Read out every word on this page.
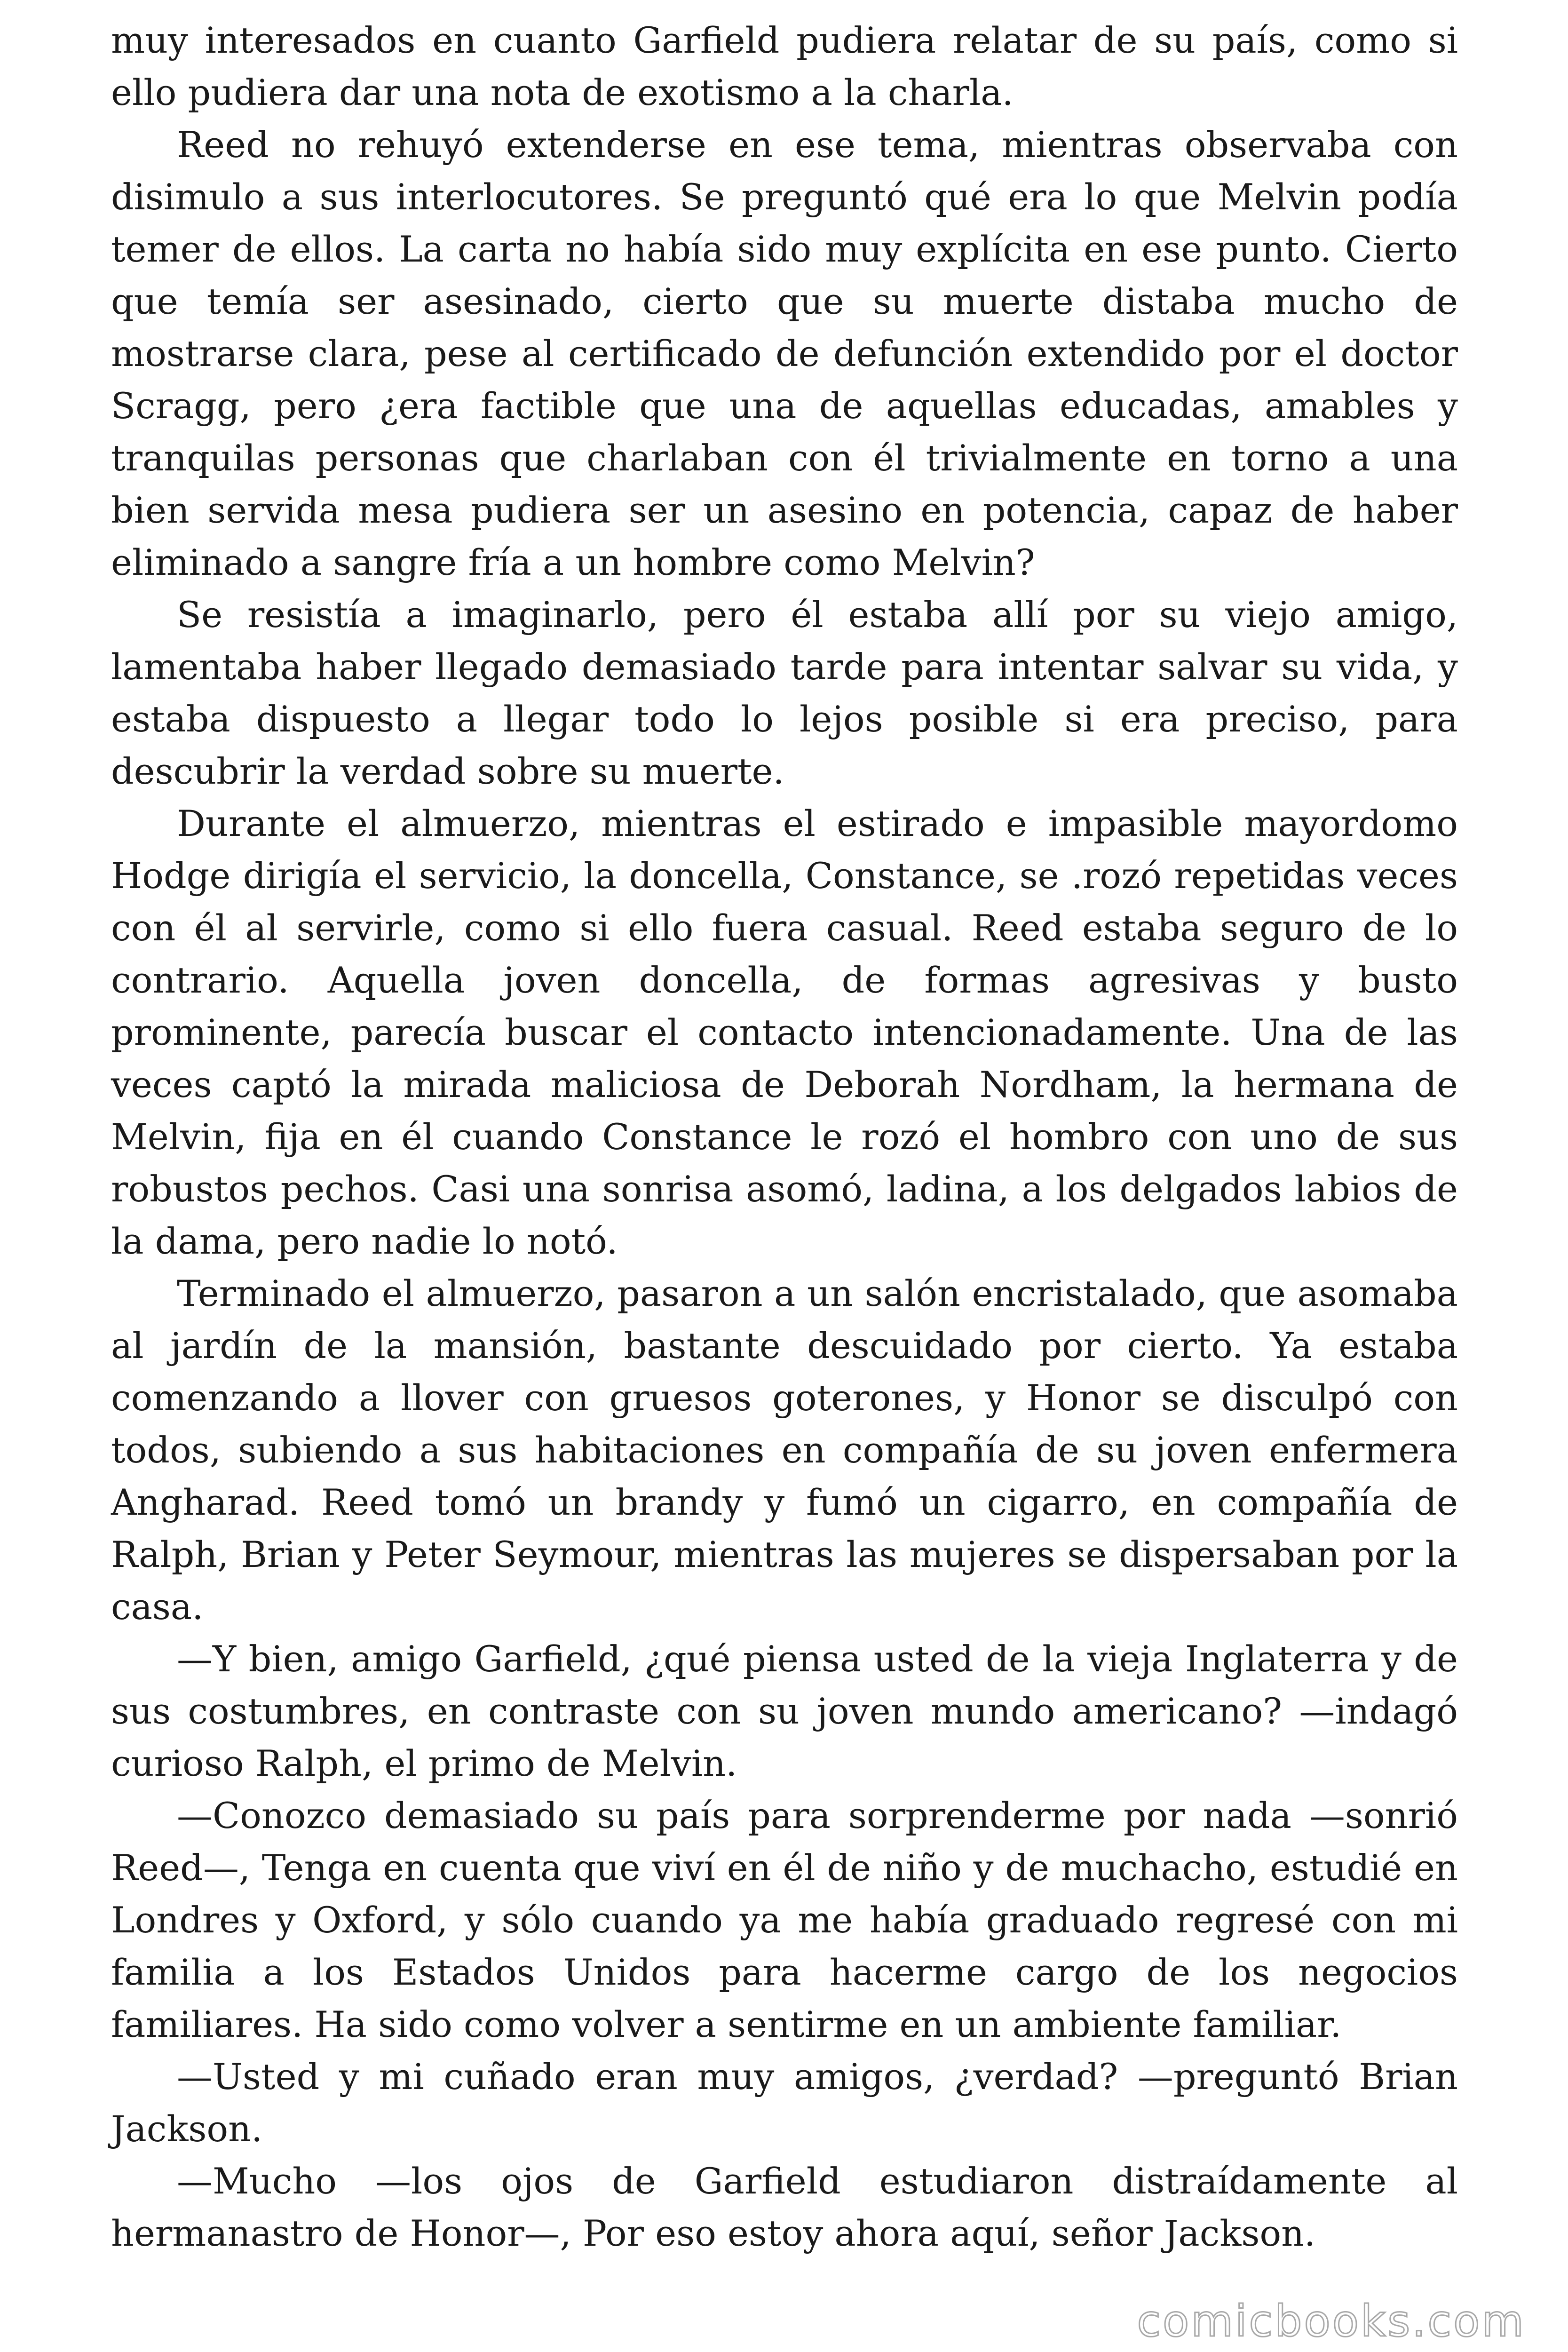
muy interesados en cuanto Garfield pudiera relatar de su país, como si ello pudiera dar una nota de exotismo a la charla.

Reed no rehuyó extenderse en ese tema, mientras observaba con disimulo a sus interlocutores. Se preguntó qué era lo que Melvin podía temer de ellos. La carta no había sido muy explícita en ese punto. Cierto que temía ser asesinado, cierto que su muerte distaba mucho de mostrarse clara, pese al certificado de defunción extendido por el doctor Scragg, pero ¿era factible que una de aquellas educadas, amables y tranquilas personas que charlaban con él trivialmente en torno a una bien servida mesa pudiera ser un asesino en potencia, capaz de haber eliminado a sangre fría a un hombre como Melvin?

Se resistía a imaginarlo, pero él estaba allí por su viejo amigo, lamentaba haber llegado demasiado tarde para intentar salvar su vida, y estaba dispuesto a llegar todo lo lejos posible si era preciso, para descubrir la verdad sobre su muerte.

Durante el almuerzo, mientras el estirado e impasible mayordomo Hodge dirigía el servicio, la doncella, Constance, se .rozó repetidas veces con él al servirle, como si ello fuera casual. Reed estaba seguro de lo contrario. Aquella joven doncella, de formas agresivas y busto prominente, parecía buscar el contacto intencionadamente. Una de las veces captó la mirada maliciosa de Deborah Nordham, la hermana de Melvin, fija en él cuando Constance le rozó el hombro con uno de sus robustos pechos. Casi una sonrisa asomó, ladina, a los delgados labios de la dama, pero nadie lo notó.

Terminado el almuerzo, pasaron a un salón encristalado, que asomaba al jardín de la mansión, bastante descuidado por cierto. Ya estaba comenzando a llover con gruesos goterones, y Honor se disculpó con todos, subiendo a sus habitaciones en compañía de su joven enfermera Angharad. Reed tomó un brandy y fumó un cigarro, en compañía de Ralph, Brian y Peter Seymour, mientras las mujeres se dispersaban por la casa.

—Y bien, amigo Garfield, ¿qué piensa usted de la vieja Inglaterra y de sus costumbres, en contraste con su joven mundo americano? —indagó curioso Ralph, el primo de Melvin.

—Conozco demasiado su país para sorprenderme por nada —sonrió Reed—, Tenga en cuenta que viví en él de niño y de muchacho, estudié en Londres y Oxford, y sólo cuando ya me había graduado regresé con mi familia a los Estados Unidos para hacerme cargo de los negocios familiares. Ha sido como volver a sentirme en un ambiente familiar.

—Usted y mi cuñado eran muy amigos, ¿verdad? —preguntó Brian Jackson.

—Mucho —los ojos de Garfield estudiaron distraídamente al hermanastro de Honor—, Por eso estoy ahora aquí, señor Jackson.

comicbooks.com
